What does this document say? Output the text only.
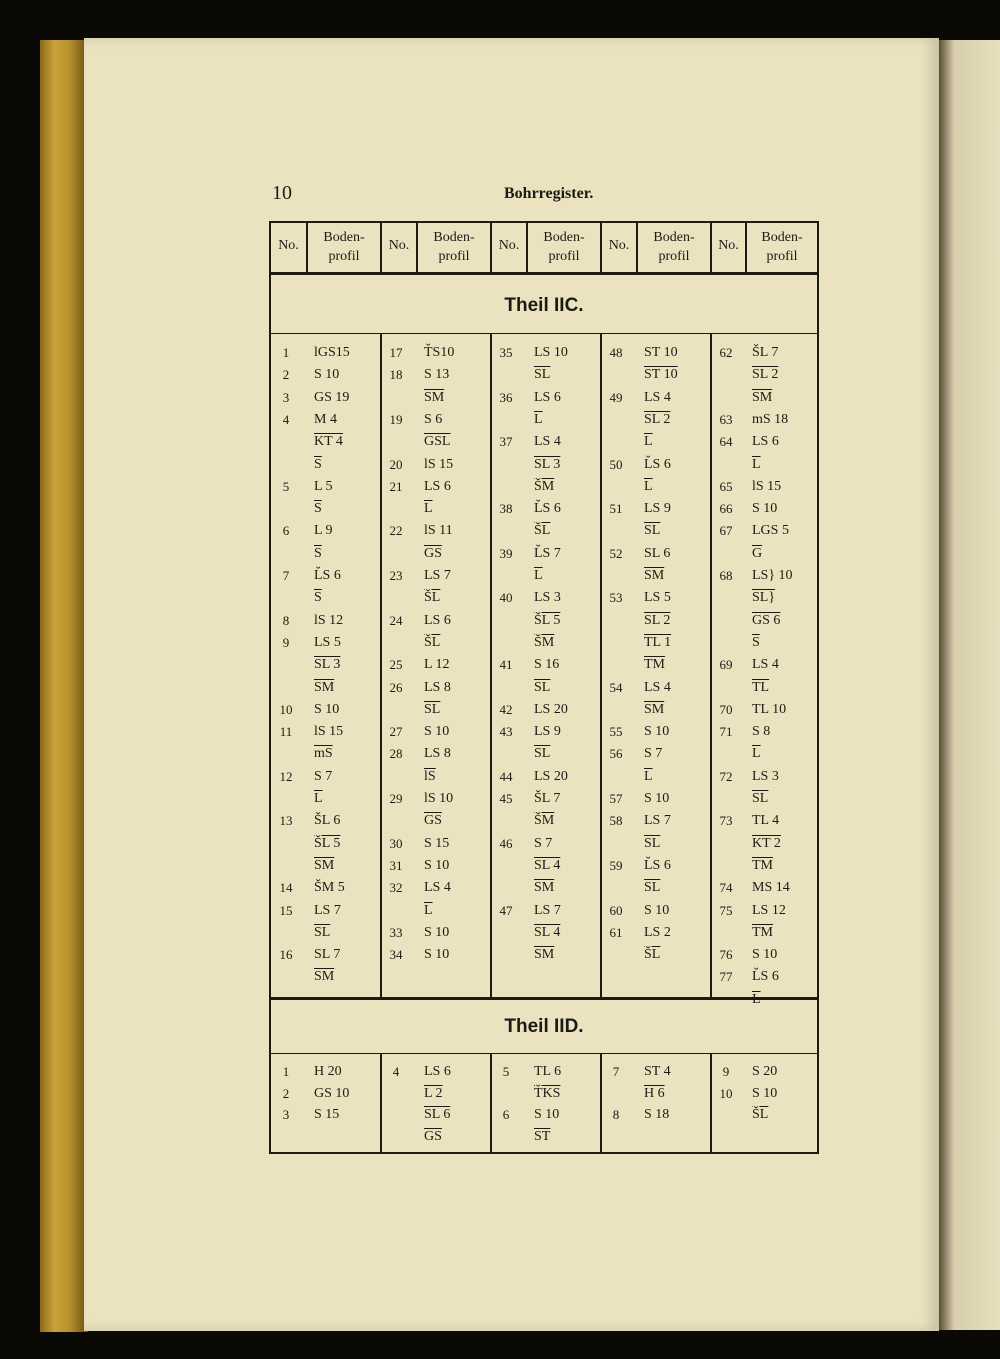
10	Bohrregister.
No.
Boden-
profil
No.
Boden-
profil
No.
Boden-
profil
No.
Boden-
profil
No.
Boden-
profil
Theil IIC.
Theil IID.
1	lGS15
2	S 10
3	GS 19
4	M 4
KT 4
$\overline{S}$
5	L 5
$\overline{S}$
6	L 9
$\overline{S}$
7	L̆S 6
$\overline{S}$
8	lS 12
9	LS 5
SL 3
$\overline{SM}$
10	S 10
11	lS 15
$\overline{mS}$
12	S 7
$\overline{L}$
13	ŠL 6
ŠL 5
$\overline{SM}$
14	ŠM 5
15	LS 7
$\overline{SL}$
16	SL 7
$\overline{SM}$
17	T̆S10
18	S 13
$\overline{SM}$
19	S 6
$\overline{GSL}$
20	lS 15
21	LS 6
$\overline{L}$
22	lS 11
$\overline{GS}$
23	LS 7
$\overline{ŠL}$
24	LS 6
$\overline{ŠL}$
25	L 12
26	LS 8
$\overline{SL}$
27	S 10
28	LS 8
$\overline{lS}$
29	lS 10
$\overline{GS}$
30	S 15
31	S 10
32	LS 4
$\overline{L}$
33	S 10
34	S 10
35	LS 10
$\overline{SL}$
36	LS 6
$\overline{L}$
37	LS 4
SL 3
$\overline{ŠM}$
38	L̆S 6
$\overline{ŠL}$
39	L̆S 7
$\overline{L}$
40	LS 3
ŠL 5
$\overline{ŠM}$
41	S 16
$\overline{SL}$
42	LS 20
43	LS 9
$\overline{SL}$
44	LS 20
45	ŠL 7
$\overline{ŠM}$
46	S 7
SL 4
$\overline{SM}$
47	LS 7
SL 4
$\overline{SM}$
48	ST 10
ST 10
49	LS 4
SL 2
$\overline{L}$
50	L̆S 6
$\overline{L}$
51	LS 9
$\overline{SL}$
52	SL 6
$\overline{SM}$
53	LS 5
SL 2
TL 1
$\overline{TM}$
54	LS 4
$\overline{SM}$
55	S 10
56	S 7
$\overline{L}$
57	S 10
58	LS 7
$\overline{SL}$
59	L̆S 6
$\overline{SL}$
60	S 10
61	LS 2
$\overline{ŠL}$
62	ŠL 7
SL 2
$\overline{SM}$
63	mS 18
64	LS 6
$\overline{L}$
65	lS 15
66	S 10
67	LGS 5
$\overline{G}$
68	LS} 10
SL}
GS 6
$\overline{S}$
69	LS 4
$\overline{TL}$
70	TL 10
71	S 8
$\overline{L}$
72	LS 3
$\overline{SL}$
73	TL 4
KT 2
$\overline{TM}$
74	MS 14
75	LS 12
$\overline{TM}$
76	S 10
77	L̆S 6
$\overline{L}$
1	H 20
2	GS 10
3	S 15
4	LS 6
L 2
SL 6
$\overline{GS}$
5	TL 6
T̆KS
6	S 10
$\overline{ST}$
7	ST 4
H 6
8	S 18
9	S 20
10	S 10
$\overline{ŠL}$
